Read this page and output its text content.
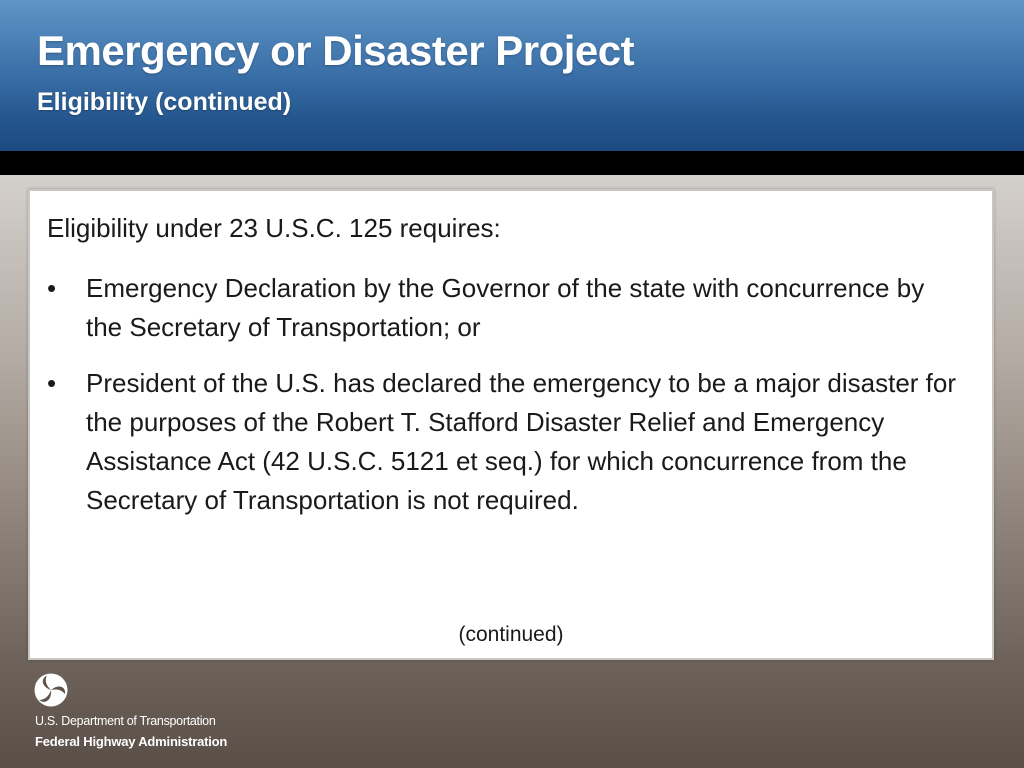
Emergency or Disaster Project
Eligibility (continued)
Eligibility under 23 U.S.C. 125 requires:
•	Emergency Declaration by the Governor of the state with concurrence by the Secretary of Transportation; or
•	President of the U.S. has declared the emergency to be a major disaster for the purposes of the Robert T. Stafford Disaster Relief and Emergency Assistance Act (42 U.S.C. 5121 et seq.) for which concurrence from the Secretary of Transportation is not required.
(continued)
U.S. Department of Transportation
Federal Highway Administration
